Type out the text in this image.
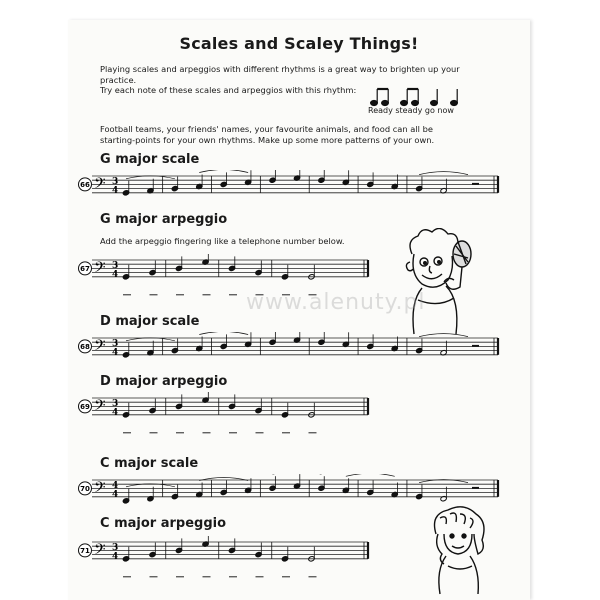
Scales and Scaley Things!
Playing scales and arpeggios with different rhythms is a great way to brighten up your
practice.
Try each note of these scales and arpeggios with this rhythm:
Ready steady go now
Football teams, your friends' names, your favourite animals, and food can all be
starting-points for your own rhythms. Make up some more patterns of your own.
G major scale
G major arpeggio
Add the arpeggio fingering like a telephone number below.
D major scale
D major arpeggio
C major scale
C major arpeggio
66 𝄢 3
4
67 𝄢 3
4
68 𝄢 3
4
69 𝄢 3
4
70 𝄢 4
4
71 𝄢 3
4
www.alenuty.pl
